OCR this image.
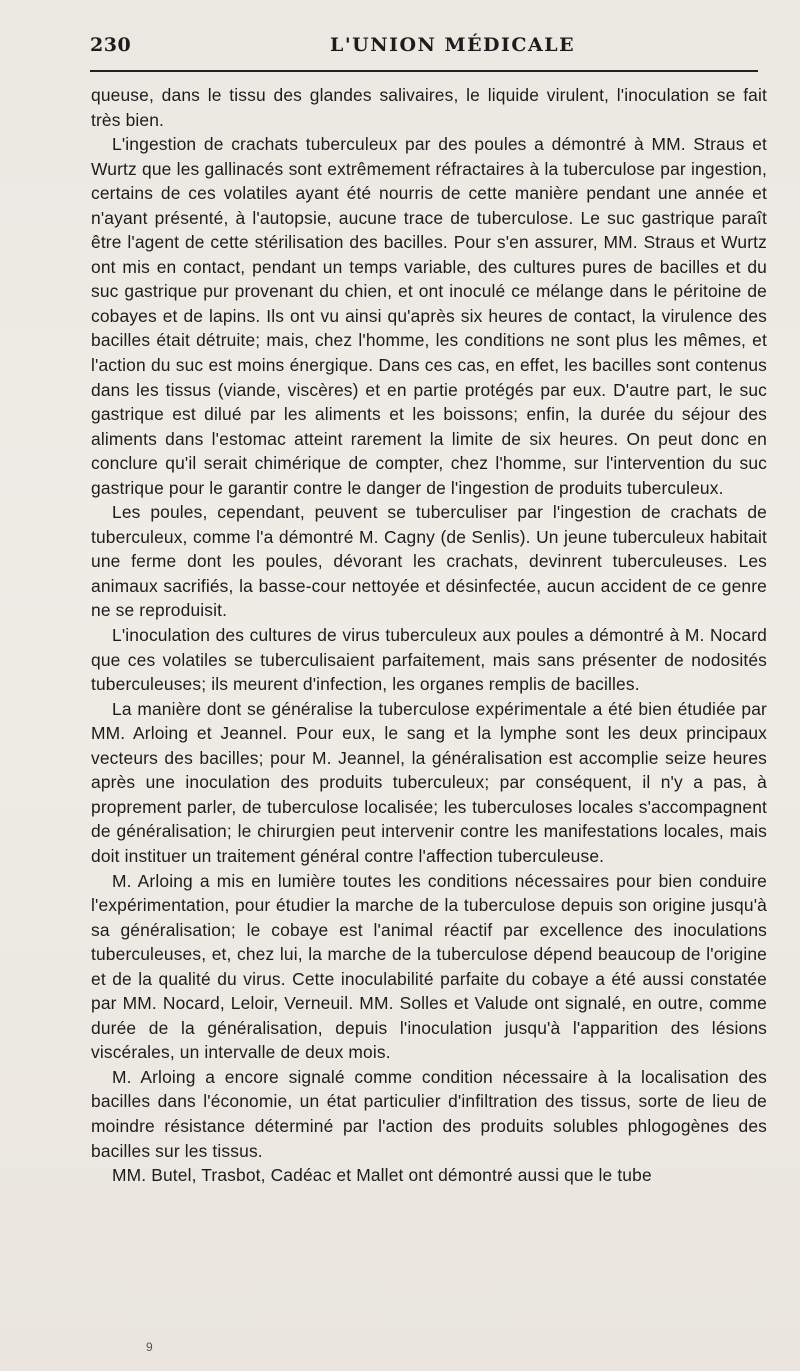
230	L'UNION MÉDICALE

queuse, dans le tissu des glandes salivaires, le liquide virulent, l'inoculation se fait très bien.

L'ingestion de crachats tuberculeux par des poules a démontré à MM. Straus et Wurtz que les gallinacés sont extrêmement réfractaires à la tuberculose par ingestion, certains de ces volatiles ayant été nourris de cette manière pendant une année et n'ayant présenté, à l'autopsie, aucune trace de tuberculose. Le suc gastrique paraît être l'agent de cette stérilisation des bacilles. Pour s'en assurer, MM. Straus et Wurtz ont mis en contact, pendant un temps variable, des cultures pures de bacilles et du suc gastrique pur provenant du chien, et ont inoculé ce mélange dans le péritoine de cobayes et de lapins. Ils ont vu ainsi qu'après six heures de contact, la virulence des bacilles était détruite; mais, chez l'homme, les conditions ne sont plus les mêmes, et l'action du suc est moins énergique. Dans ces cas, en effet, les bacilles sont contenus dans les tissus (viande, viscères) et en partie protégés par eux. D'autre part, le suc gastrique est dilué par les aliments et les boissons; enfin, la durée du séjour des aliments dans l'estomac atteint rarement la limite de six heures. On peut donc en conclure qu'il serait chimérique de compter, chez l'homme, sur l'intervention du suc gastrique pour le garantir contre le danger de l'ingestion de produits tuberculeux.

Les poules, cependant, peuvent se tuberculiser par l'ingestion de crachats de tuberculeux, comme l'a démontré M. Cagny (de Senlis). Un jeune tuberculeux habitait une ferme dont les poules, dévorant les crachats, devinrent tuberculeuses. Les animaux sacrifiés, la basse-cour nettoyée et désinfectée, aucun accident de ce genre ne se reproduisit.

L'inoculation des cultures de virus tuberculeux aux poules a démontré à M. Nocard que ces volatiles se tuberculisaient parfaitement, mais sans présenter de nodosités tuberculeuses; ils meurent d'infection, les organes remplis de bacilles.

La manière dont se généralise la tuberculose expérimentale a été bien étudiée par MM. Arloing et Jeannel. Pour eux, le sang et la lymphe sont les deux principaux vecteurs des bacilles; pour M. Jeannel, la généralisation est accomplie seize heures après une inoculation des produits tuberculeux; par conséquent, il n'y a pas, à proprement parler, de tuberculose localisée; les tuberculoses locales s'accompagnent de généralisation; le chirurgien peut intervenir contre les manifestations locales, mais doit instituer un traitement général contre l'affection tuberculeuse.

M. Arloing a mis en lumière toutes les conditions nécessaires pour bien conduire l'expérimentation, pour étudier la marche de la tuberculose depuis son origine jusqu'à sa généralisation; le cobaye est l'animal réactif par excellence des inoculations tuberculeuses, et, chez lui, la marche de la tuberculose dépend beaucoup de l'origine et de la qualité du virus. Cette inoculabilité parfaite du cobaye a été aussi constatée par MM. Nocard, Leloir, Verneuil. MM. Solles et Valude ont signalé, en outre, comme durée de la généralisation, depuis l'inoculation jusqu'à l'apparition des lésions viscérales, un intervalle de deux mois.

M. Arloing a encore signalé comme condition nécessaire à la localisation des bacilles dans l'économie, un état particulier d'infiltration des tissus, sorte de lieu de moindre résistance déterminé par l'action des produits solubles phlogogènes des bacilles sur les tissus.

MM. Butel, Trasbot, Cadéac et Mallet ont démontré aussi que le tube

9
